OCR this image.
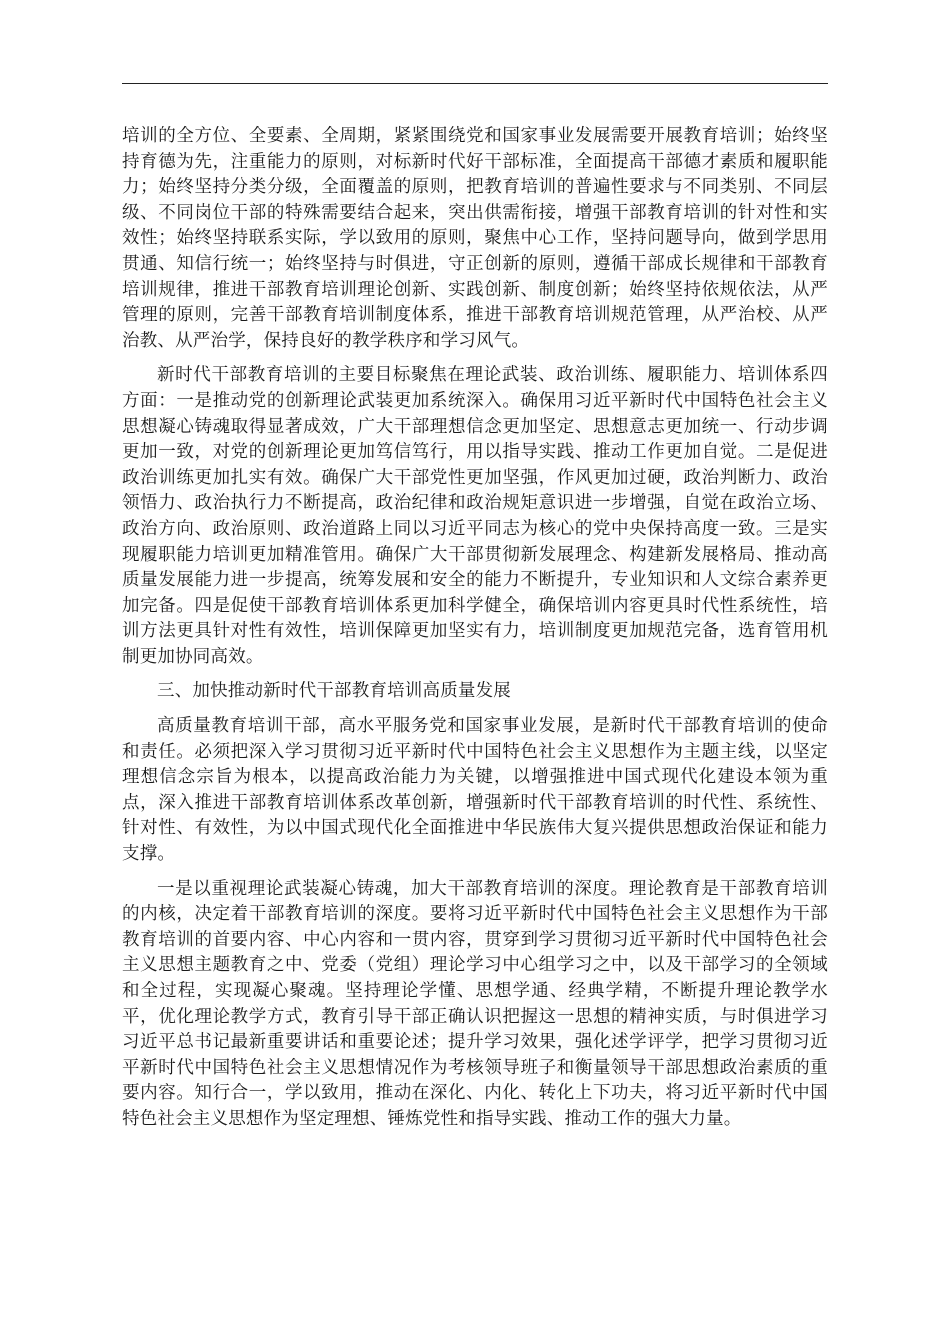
培训的全方位、全要素、全周期，紧紧围绕党和国家事业发展需要开展教育培训；始终坚持育德为先，注重能力的原则，对标新时代好干部标准，全面提高干部德才素质和履职能力；始终坚持分类分级，全面覆盖的原则，把教育培训的普遍性要求与不同类别、不同层级、不同岗位干部的特殊需要结合起来，突出供需衔接，增强干部教育培训的针对性和实效性；始终坚持联系实际，学以致用的原则，聚焦中心工作，坚持问题导向，做到学思用贯通、知信行统一；始终坚持与时俱进，守正创新的原则，遵循干部成长规律和干部教育培训规律，推进干部教育培训理论创新、实践创新、制度创新；始终坚持依规依法，从严管理的原则，完善干部教育培训制度体系，推进干部教育培训规范管理，从严治校、从严治教、从严治学，保持良好的教学秩序和学习风气。

新时代干部教育培训的主要目标聚焦在理论武装、政治训练、履职能力、培训体系四方面：一是推动党的创新理论武装更加系统深入。确保用习近平新时代中国特色社会主义思想凝心铸魂取得显著成效，广大干部理想信念更加坚定、思想意志更加统一、行动步调更加一致，对党的创新理论更加笃信笃行，用以指导实践、推动工作更加自觉。二是促进政治训练更加扎实有效。确保广大干部党性更加坚强，作风更加过硬，政治判断力、政治领悟力、政治执行力不断提高，政治纪律和政治规矩意识进一步增强，自觉在政治立场、政治方向、政治原则、政治道路上同以习近平同志为核心的党中央保持高度一致。三是实现履职能力培训更加精准管用。确保广大干部贯彻新发展理念、构建新发展格局、推动高质量发展能力进一步提高，统筹发展和安全的能力不断提升，专业知识和人文综合素养更加完备。四是促使干部教育培训体系更加科学健全，确保培训内容更具时代性系统性，培训方法更具针对性有效性，培训保障更加坚实有力，培训制度更加规范完备，选育管用机制更加协同高效。

三、加快推动新时代干部教育培训高质量发展

高质量教育培训干部，高水平服务党和国家事业发展，是新时代干部教育培训的使命和责任。必须把深入学习贯彻习近平新时代中国特色社会主义思想作为主题主线，以坚定理想信念宗旨为根本，以提高政治能力为关键，以增强推进中国式现代化建设本领为重点，深入推进干部教育培训体系改革创新，增强新时代干部教育培训的时代性、系统性、针对性、有效性，为以中国式现代化全面推进中华民族伟大复兴提供思想政治保证和能力支撑。

一是以重视理论武装凝心铸魂，加大干部教育培训的深度。理论教育是干部教育培训的内核，决定着干部教育培训的深度。要将习近平新时代中国特色社会主义思想作为干部教育培训的首要内容、中心内容和一贯内容，贯穿到学习贯彻习近平新时代中国特色社会主义思想主题教育之中、党委（党组）理论学习中心组学习之中，以及干部学习的全领域和全过程，实现凝心聚魂。坚持理论学懂、思想学通、经典学精，不断提升理论教学水平，优化理论教学方式，教育引导干部正确认识把握这一思想的精神实质，与时俱进学习习近平总书记最新重要讲话和重要论述；提升学习效果，强化述学评学，把学习贯彻习近平新时代中国特色社会主义思想情况作为考核领导班子和衡量领导干部思想政治素质的重要内容。知行合一，学以致用，推动在深化、内化、转化上下功夫，将习近平新时代中国特色社会主义思想作为坚定理想、锤炼党性和指导实践、推动工作的强大力量。
